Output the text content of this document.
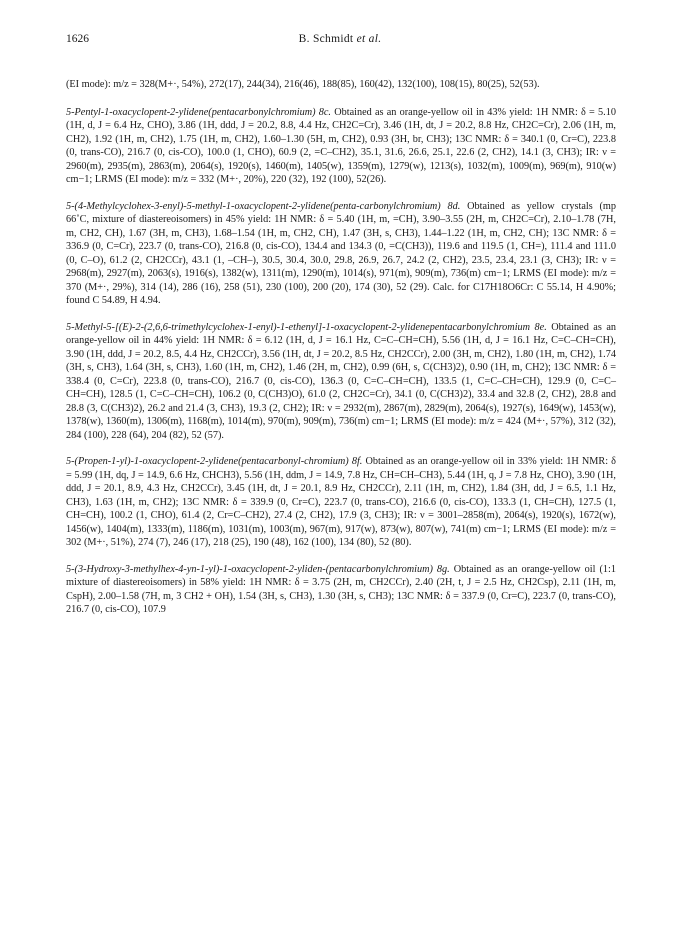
1626	B. Schmidt et al.

(EI mode): m/z = 328(M+·, 54%), 272(17), 244(34), 216(46), 188(85), 160(42), 132(100), 108(15), 80(25), 52(53).

5-Pentyl-1-oxacyclopent-2-ylidene(pentacarbonylchromium) 8c. Obtained as an orange-yellow oil in 43% yield: 1H NMR: δ = 5.10 (1H, d, J = 6.4 Hz, CHO), 3.86 (1H, ddd, J = 20.2, 8.8, 4.4 Hz, CH2C=Cr), 3.46 (1H, dt, J = 20.2, 8.8 Hz, CH2C=Cr), 2.06 (1H, m, CH2), 1.92 (1H, m, CH2), 1.75 (1H, m, CH2), 1.60–1.30 (5H, m, CH2), 0.93 (3H, br, CH3); 13C NMR: δ = 340.1 (0, Cr=C), 223.8 (0, trans-CO), 216.7 (0, cis-CO), 100.0 (1, CHO), 60.9 (2, =C–CH2), 35.1, 31.6, 26.6, 25.1, 22.6 (2, CH2), 14.1 (3, CH3); IR: ν = 2960(m), 2935(m), 2863(m), 2064(s), 1920(s), 1460(m), 1405(w), 1359(m), 1279(w), 1213(s), 1032(m), 1009(m), 969(m), 910(w) cm−1; LRMS (EI mode): m/z = 332 (M+·, 20%), 220 (32), 192 (100), 52(26).

5-(4-Methylcyclohex-3-enyl)-5-methyl-1-oxacyclopent-2-ylidene(penta-carbonylchromium) 8d. Obtained as yellow crystals (mp 66˚C, mixture of diastereoisomers) in 45% yield: 1H NMR: δ = 5.40 (1H, m, =CH), 3.90–3.55 (2H, m, CH2C=Cr), 2.10–1.78 (7H, m, CH2, CH), 1.67 (3H, m, CH3), 1.68–1.54 (1H, m, CH2, CH), 1.47 (3H, s, CH3), 1.44–1.22 (1H, m, CH2, CH); 13C NMR: δ = 336.9 (0, C=Cr), 223.7 (0, trans-CO), 216.8 (0, cis-CO), 134.4 and 134.3 (0, =C(CH3)), 119.6 and 119.5 (1, CH=), 111.4 and 111.0 (0, C–O), 61.2 (2, CH2CCr), 43.1 (1, –CH–), 30.5, 30.4, 30.0, 29.8, 26.9, 26.7, 24.2 (2, CH2), 23.5, 23.4, 23.1 (3, CH3); IR: ν = 2968(m), 2927(m), 2063(s), 1916(s), 1382(w), 1311(m), 1290(m), 1014(s), 971(m), 909(m), 736(m) cm−1; LRMS (EI mode): m/z = 370 (M+·, 29%), 314 (14), 286 (16), 258 (51), 230 (100), 200 (20), 174 (30), 52 (29). Calc. for C17H18O6Cr: C 55.14, H 4.90%; found C 54.89, H 4.94.

5-Methyl-5-[(E)-2-(2,6,6-trimethylcyclohex-1-enyl)-1-ethenyl]-1-oxacyclopent-2-ylidenepentacarbonylchromium 8e. Obtained as an orange-yellow oil in 44% yield: 1H NMR: δ = 6.12 (1H, d, J = 16.1 Hz, C=C–CH=CH), 5.56 (1H, d, J = 16.1 Hz, C=C–CH=CH), 3.90 (1H, ddd, J = 20.2, 8.5, 4.4 Hz, CH2CCr), 3.56 (1H, dt, J = 20.2, 8.5 Hz, CH2CCr), 2.00 (3H, m, CH2), 1.80 (1H, m, CH2), 1.74 (3H, s, CH3), 1.64 (3H, s, CH3), 1.60 (1H, m, CH2), 1.46 (2H, m, CH2), 0.99 (6H, s, C(CH3)2), 0.90 (1H, m, CH2); 13C NMR: δ = 338.4 (0, C=Cr), 223.8 (0, trans-CO), 216.7 (0, cis-CO), 136.3 (0, C=C–CH=CH), 133.5 (1, C=C–CH=CH), 129.9 (0, C=C–CH=CH), 128.5 (1, C=C–CH=CH), 106.2 (0, C(CH3)O), 61.0 (2, CH2C=Cr), 34.1 (0, C(CH3)2), 33.4 and 32.8 (2, CH2), 28.8 and 28.8 (3, C(CH3)2), 26.2 and 21.4 (3, CH3), 19.3 (2, CH2); IR: ν = 2932(m), 2867(m), 2829(m), 2064(s), 1927(s), 1649(w), 1453(w), 1378(w), 1360(m), 1306(m), 1168(m), 1014(m), 970(m), 909(m), 736(m) cm−1; LRMS (EI mode): m/z = 424 (M+·, 57%), 312 (32), 284 (100), 228 (64), 204 (82), 52 (57).

5-(Propen-1-yl)-1-oxacyclopent-2-ylidene(pentacarbonyl-chromium) 8f. Obtained as an orange-yellow oil in 33% yield: 1H NMR: δ = 5.99 (1H, dq, J = 14.9, 6.6 Hz, CHCH3), 5.56 (1H, ddm, J = 14.9, 7.8 Hz, CH=CH–CH3), 5.44 (1H, q, J = 7.8 Hz, CHO), 3.90 (1H, ddd, J = 20.1, 8.9, 4.3 Hz, CH2CCr), 3.45 (1H, dt, J = 20.1, 8.9 Hz, CH2CCr), 2.11 (1H, m, CH2), 1.84 (3H, dd, J = 6.5, 1.1 Hz, CH3), 1.63 (1H, m, CH2); 13C NMR: δ = 339.9 (0, Cr=C), 223.7 (0, trans-CO), 216.6 (0, cis-CO), 133.3 (1, CH=CH), 127.5 (1, CH=CH), 100.2 (1, CHO), 61.4 (2, Cr=C–CH2), 27.4 (2, CH2), 17.9 (3, CH3); IR: ν = 3001–2858(m), 2064(s), 1920(s), 1672(w), 1456(w), 1404(m), 1333(m), 1186(m), 1031(m), 1003(m), 967(m), 917(w), 873(w), 807(w), 741(m) cm−1; LRMS (EI mode): m/z = 302 (M+·, 51%), 274 (7), 246 (17), 218 (25), 190 (48), 162 (100), 134 (80), 52 (80).

5-(3-Hydroxy-3-methylhex-4-yn-1-yl)-1-oxacyclopent-2-yliden-(pentacarbonylchromium) 8g. Obtained as an orange-yellow oil (1:1 mixture of diastereoisomers) in 58% yield: 1H NMR: δ = 3.75 (2H, m, CH2CCr), 2.40 (2H, t, J = 2.5 Hz, CH2Csp), 2.11 (1H, m, CspH), 2.00–1.58 (7H, m, 3 CH2 + OH), 1.54 (3H, s, CH3), 1.30 (3H, s, CH3); 13C NMR: δ = 337.9 (0, Cr=C), 223.7 (0, trans-CO), 216.7 (0, cis-CO), 107.9
